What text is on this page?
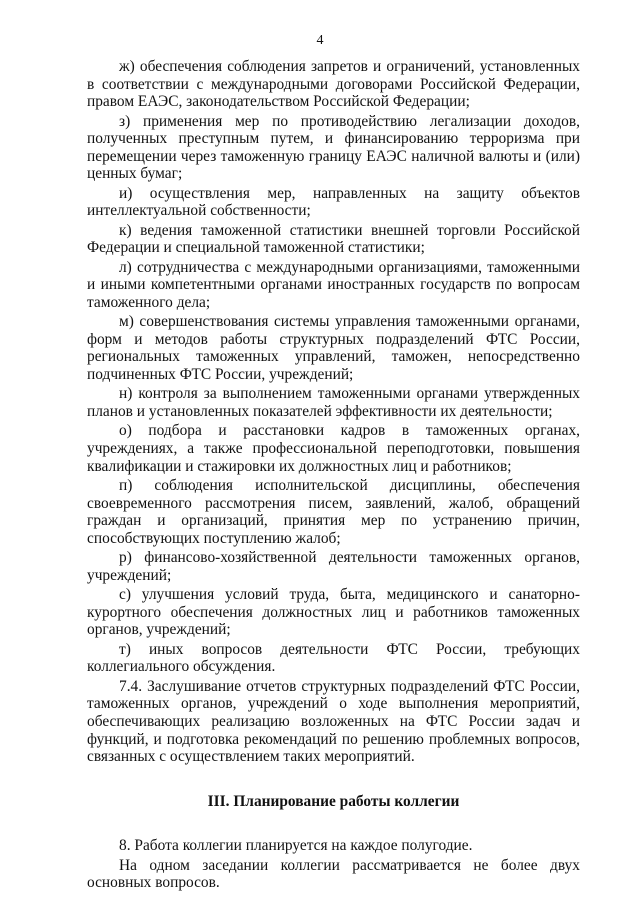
4

ж) обеспечения соблюдения запретов и ограничений, установленных в соответствии с международными договорами Российской Федерации, правом ЕАЭС, законодательством Российской Федерации;

з) применения мер по противодействию легализации доходов, полученных преступным путем, и финансированию терроризма при перемещении через таможенную границу ЕАЭС наличной валюты и (или) ценных бумаг;

и) осуществления мер, направленных на защиту объектов интеллектуальной собственности;

к) ведения таможенной статистики внешней торговли Российской Федерации и специальной таможенной статистики;

л) сотрудничества с международными организациями, таможенными и иными компетентными органами иностранных государств по вопросам таможенного дела;

м) совершенствования системы управления таможенными органами, форм и методов работы структурных подразделений ФТС России, региональных таможенных управлений, таможен, непосредственно подчиненных ФТС России, учреждений;

н) контроля за выполнением таможенными органами утвержденных планов и установленных показателей эффективности их деятельности;

о) подбора и расстановки кадров в таможенных органах, учреждениях, а также профессиональной переподготовки, повышения квалификации и стажировки их должностных лиц и работников;

п) соблюдения исполнительской дисциплины, обеспечения своевременного рассмотрения писем, заявлений, жалоб, обращений граждан и организаций, принятия мер по устранению причин, способствующих поступлению жалоб;

р) финансово-хозяйственной деятельности таможенных органов, учреждений;

с) улучшения условий труда, быта, медицинского и санаторно-курортного обеспечения должностных лиц и работников таможенных органов, учреждений;

т) иных вопросов деятельности ФТС России, требующих коллегиального обсуждения.

7.4. Заслушивание отчетов структурных подразделений ФТС России, таможенных органов, учреждений о ходе выполнения мероприятий, обеспечивающих реализацию возложенных на ФТС России задач и функций, и подготовка рекомендаций по решению проблемных вопросов, связанных с осуществлением таких мероприятий.

III. Планирование работы коллегии

8. Работа коллегии планируется на каждое полугодие.

На одном заседании коллегии рассматривается не более двух основных вопросов.
